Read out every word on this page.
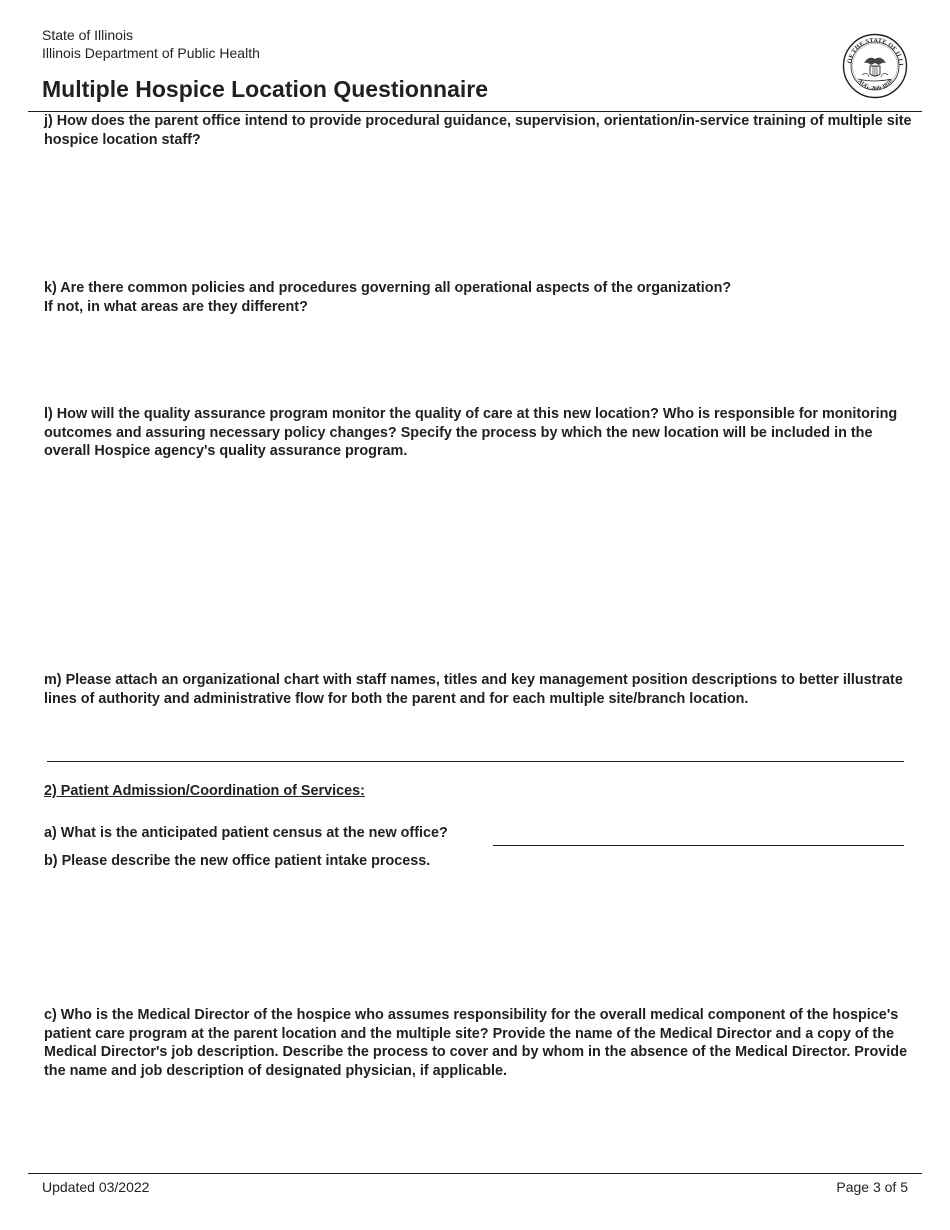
State of Illinois
Illinois Department of Public Health
Multiple Hospice Location Questionnaire
OF THE STATE OF ILLI
AUG. 26th 1818
j) How does the parent office intend to provide procedural guidance, supervision, orientation/in-service training of multiple site hospice location staff?
k) Are there common policies and procedures governing all operational aspects of the organization?
If not, in what areas are they different?
l) How will the quality assurance program monitor the quality of care at this new location? Who is responsible for monitoring outcomes and assuring necessary policy changes? Specify the process by which the new location will be included in the overall Hospice agency's quality assurance program.
m) Please attach an organizational chart with staff names, titles and key management position descriptions to better illustrate lines of authority and administrative flow for both the parent and for each multiple site/branch location.
2) Patient Admission/Coordination of Services:
a) What is the anticipated patient census at the new office?
b) Please describe the new office patient intake process.
c) Who is the Medical Director of the hospice who assumes responsibility for the overall medical component of the hospice's patient care program at the parent location and the multiple site? Provide the name of the Medical Director and a copy of the Medical Director's job description. Describe the process to cover and by whom in the absence of the Medical Director. Provide the name and job description of designated physician, if applicable.
Updated 03/2022	Page 3 of 5
